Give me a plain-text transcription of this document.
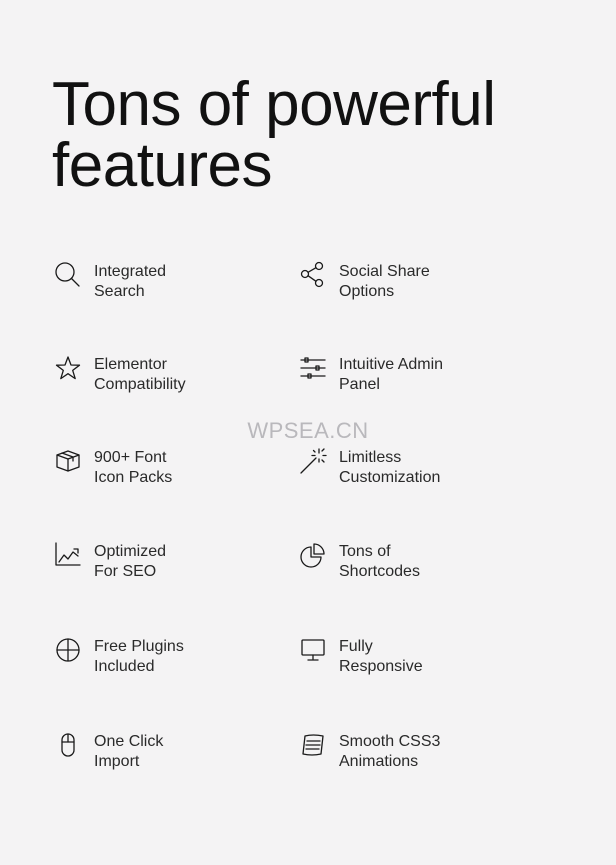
Tons of powerful
features
Integrated
Search
Social Share
Options
Elementor
Compatibility
Intuitive Admin
Panel
900+ Font
Icon Packs
Limitless
Customization
Optimized
For SEO
Tons of
Shortcodes
Free Plugins
Included
Fully
Responsive
One Click
Import
Smooth CSS3
Animations
WPSEA.CN
